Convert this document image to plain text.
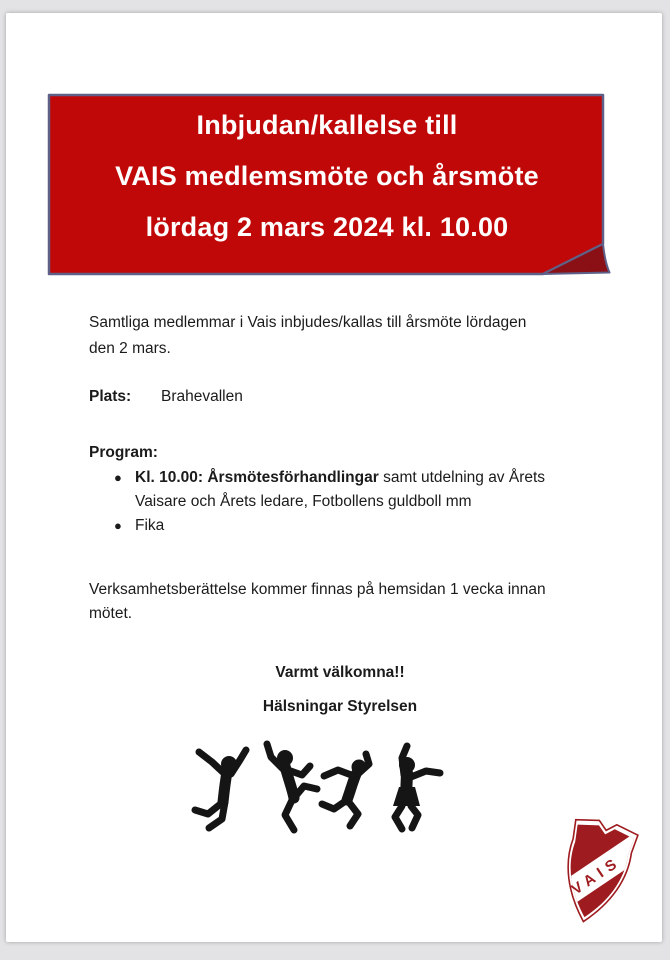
Inbjudan/kallelse till
VAIS medlemsmöte och årsmöte
lördag 2 mars 2024 kl. 10.00
Samtliga medlemmar i Vais inbjudes/kallas till årsmöte lördagen
den 2 mars.
Plats:	Brahevallen
Program:
● Kl. 10.00: Årsmötesförhandlingar samt utdelning av Årets
Vaisare och Årets ledare, Fotbollens guldboll mm
● Fika
Verksamhetsberättelse kommer finnas på hemsidan 1 vecka innan
mötet.
Varmt välkomna!!
Hälsningar Styrelsen
VAIS
